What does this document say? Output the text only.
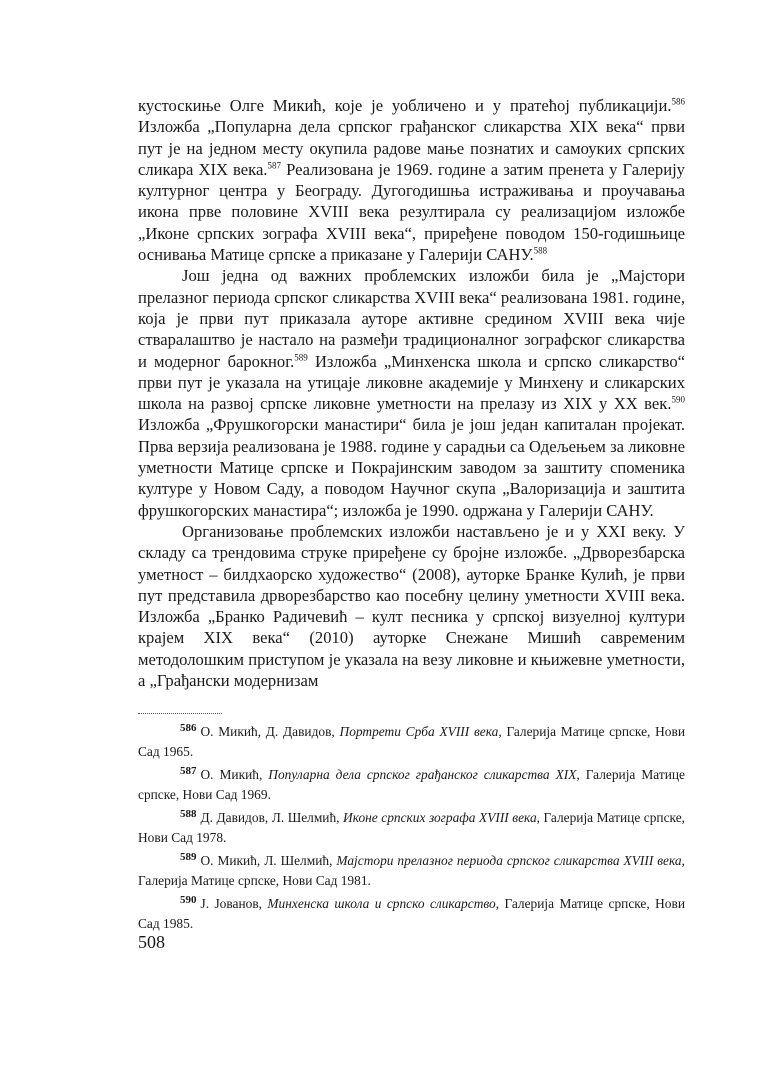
кустоскиње Олге Микић, које је уобличено и у пратећој публикацији.$^{586}$ Изложба „Популарна дела српског грађанског сликарства XIX века“ први пут је на једном месту окупила радове мање познатих и самоуких српских сликара XIX века.$^{587}$ Реализована је 1969. године а затим пренета у Галерију културног центра у Београду. Дугогодишња истраживања и проучавања икона прве половине XVIII века резултирала су реализацијом изложбе „Иконе српских зографа XVIII века“, приређене поводом 150-годишњице оснивања Матице српске а приказане у Галерији САНУ.$^{588}$

Још једна од важних проблемских изложби била је „Мајстори прелазног периода српског сликарства XVIII века“ реализована 1981. године, која је први пут приказала ауторе активне средином XVIII века чије стваралаштво је настало на размеђи традиционалног зографског сликарства и модерног барокног.$^{589}$ Изложба „Минхенска школа и српско сликарство“ први пут је указала на утицаје ликовне академије у Минхену и сликарских школа на развој српске ликовне уметности на прелазу из XIX у XX век.$^{590}$ Изложба „Фрушкогорски манастири“ била је још један капиталан пројекат. Прва верзија реализована је 1988. године у сарадњи са Одељењем за ликовне уметности Матице српске и Покрајинским заводом за заштиту споменика културе у Новом Саду, а поводом Научног скупа „Валоризација и заштита фрушкогорских манастира“; изложба је 1990. одржана у Галерији САНУ.

Организовање проблемских изложби настављено је и у XXI веку. У складу са трендовима струке приређене су бројне изложбе. „Дрворезбарска уметност – билдхаорско художество“ (2008), ауторке Бранке Кулић, је први пут представила дрворезбарство као посебну целину уметности XVIII века. Изложба „Бранко Радичевић – култ песника у српској визуелној култури крајем XIX века“ (2010) ауторке Снежане Мишић савременим методолошким приступом је указала на везу ликовне и књижевне уметности, а „Грађански модернизам

$^{586}$ О. Микић, Д. Давидов, Портрети Срба XVIII века, Галерија Матице српске, Нови Сад 1965.

$^{587}$ О. Микић, Популарна дела српског грађанског сликарства XIX, Галерија Матице српске, Нови Сад 1969.

$^{588}$ Д. Давидов, Л. Шелмић, Иконе српских зографа XVIII века, Галерија Матице српске, Нови Сад 1978.

$^{589}$ О. Микић, Л. Шелмић, Мајстори прелазног периода српског сликарства XVIII века, Галерија Матице српске, Нови Сад 1981.

$^{590}$ Ј. Јованов, Минхенска школа и српско сликарство, Галерија Матице српске, Нови Сад 1985.

508
